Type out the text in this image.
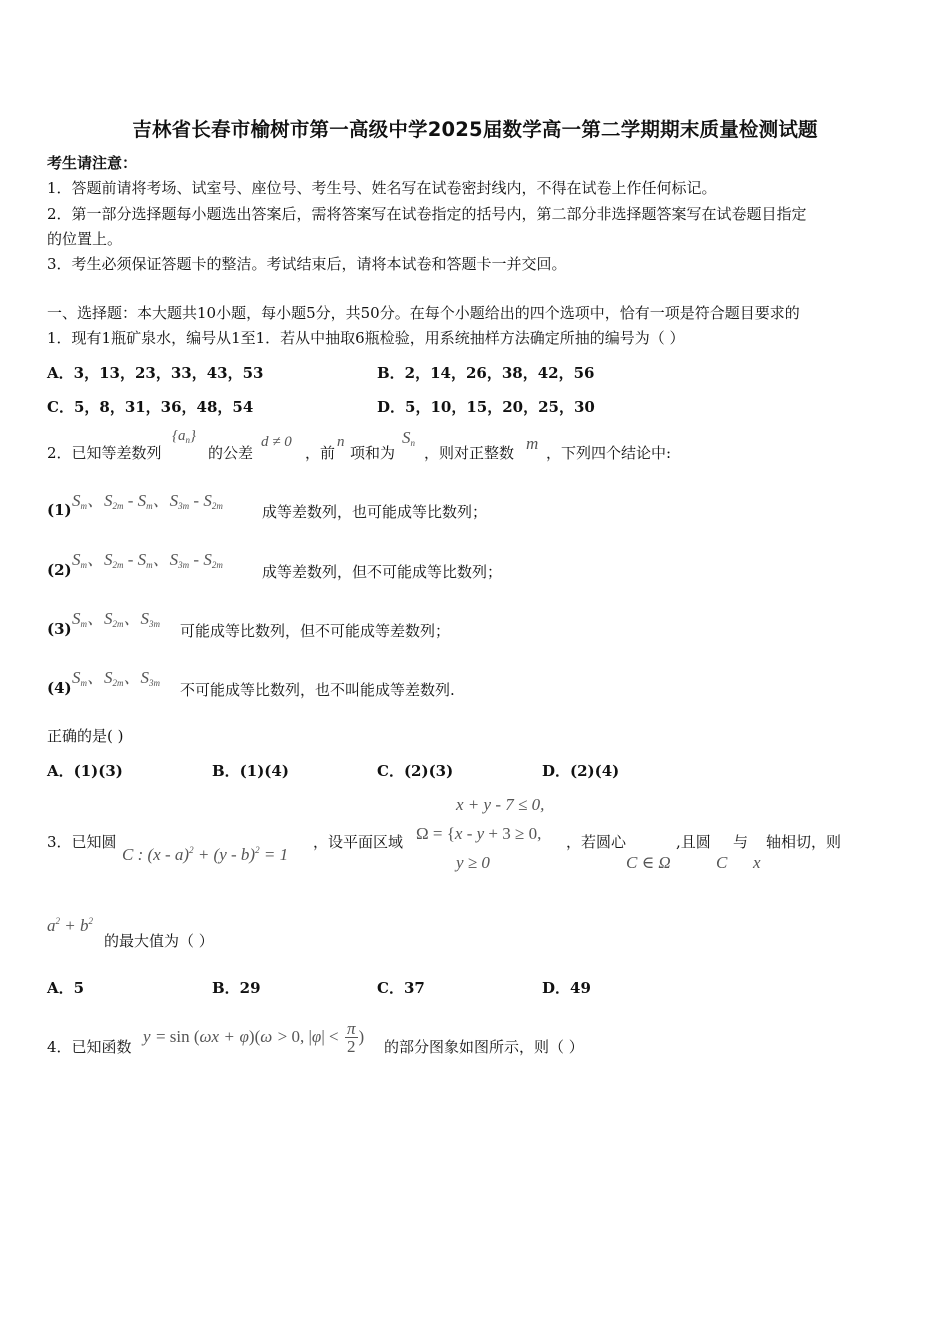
吉林省长春市榆树市第一高级中学2025届数学高一第二学期期末质量检测试题
考生请注意：
1．答题前请将考场、试室号、座位号、考生号、姓名写在试卷密封线内，不得在试卷上作任何标记。
2．第一部分选择题每小题选出答案后，需将答案写在试卷指定的括号内，第二部分非选择题答案写在试卷题目指定
的位置上。
3．考生必须保证答题卡的整洁。考试结束后，请将本试卷和答题卡一并交回。
一、选择题：本大题共10小题，每小题5分，共50分。在每个小题给出的四个选项中，恰有一项是符合题目要求的
1．现有1瓶矿泉水，编号从1至1．若从中抽取6瓶检验，用系统抽样方法确定所抽的编号为（ ）
A．3，13，23，33，43，53	B．2，14，26，38，42，56
C．5，8，31，36，48，54	D．5，10，15，20，25，30
2．已知等差数列
$\{a_n\}$
的公差
d ≠ 0
，前
n
项和为
$S_n$
，则对正整数 m ，下列四个结论中:
(1) $S_m$、$S_{2m} - S_m$、$S_{3m} - S_{2m}$	成等差数列，也可能成等比数列；
(2)
$S_m$、$S_{2m} - S_m$、$S_{3m} - S_{2m}$	成等差数列，但不可能成等比数列；
(3)
$S_m$、$S_{2m}$、$S_{3m}$ 可能成等比数列，但不可能成等差数列；
(4)
$S_m$、$S_{2m}$、$S_{3m}$ 不可能成等比数列，也不叫能成等差数列.
正确的是( )
A．(1)(3)	B．(1)(4)	C．(2)(3)	D．(2)(4)
3．已知圆
C : (x - a)$^2$ + (y - b)$^2$ = 1
，设平面区域
x + y - 7 ≤ 0,
Ω = {x - y + 3 ≥ 0,
y ≥ 0
，若圆心
C ∈ Ω
,且圆
C
与
x
轴相切，则
$a^2 + b^2$
的最大值为（ ）
A．5	B．29	C．37	D．49
4．已知函数
y = sin (ωx + φ)(ω > 0, $|\varphi| < \frac{\pi}{2}$ )
的部分图象如图所示，则（ ）
